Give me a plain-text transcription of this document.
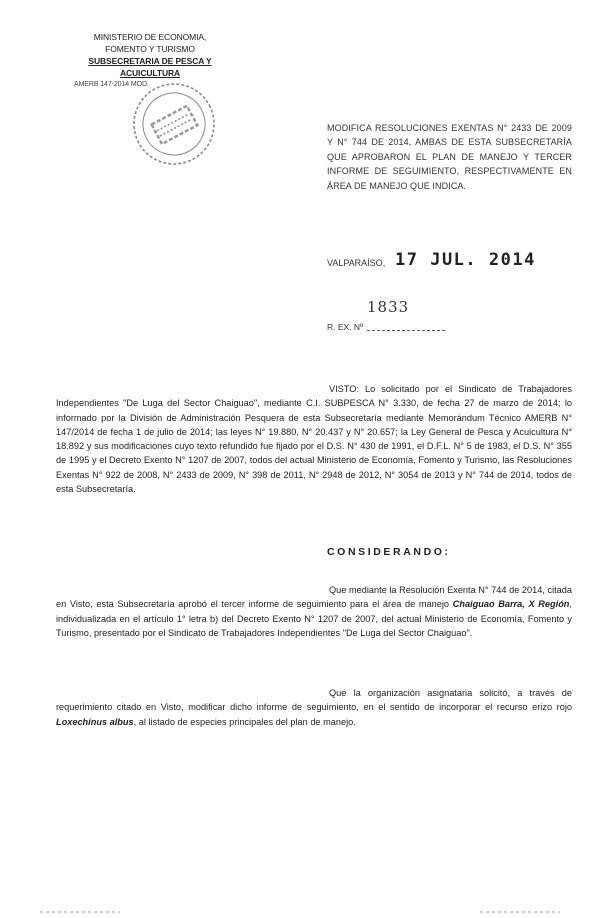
MINISTERIO DE ECONOMIA,
FOMENTO Y TURISMO
SUBSECRETARIA DE PESCA Y ACUICULTURA
AMERB 147-2014 MOD.
MODIFICA RESOLUCIONES EXENTAS N° 2433 DE 2009 Y N° 744 DE 2014, AMBAS DE ESTA SUBSECRETARÍA QUE APROBARON EL PLAN DE MANEJO Y TERCER INFORME DE SEGUIMIENTO, RESPECTIVAMENTE EN ÁREA DE MANEJO QUE INDICA.
VALPARAÍSO, 17 JUL. 2014
1833
R. EX. Nº
VISTO: Lo solicitado por el Sindicato de Trabajadores Independientes "De Luga del Sector Chaiguao", mediante C.I. SUBPESCA N° 3.330, de fecha 27 de marzo de 2014; lo informado por la División de Administración Pesquera de esta Subsecretaría mediante Memorándum Técnico AMERB N° 147/2014 de fecha 1 de julio de 2014; las leyes N° 19.880, N° 20.437 y N° 20.657; la Ley General de Pesca y Acuicultura N° 18.892 y sus modificaciones cuyo texto refundido fue fijado por el D.S. N° 430 de 1991, el D.F.L. N° 5 de 1983, el D.S. N° 355 de 1995 y el Decreto Exento N° 1207 de 2007, todos del actual Ministerio de Economía, Fomento y Turismo, las Resoluciones Exentas N° 922 de 2008, N° 2433 de 2009, N° 398 de 2011, N° 2948 de 2012, N° 3054 de 2013 y N° 744 de 2014, todos de esta Subsecretaría.
CONSIDERANDO:
Que mediante la Resolución Exenta N° 744 de 2014, citada en Visto, esta Subsecretaría aprobó el tercer informe de seguimiento para el área de manejo Chaiguao Barra, X Región, individualizada en el artículo 1° letra b) del Decreto Exento N° 1207 de 2007, del actual Ministerio de Economía, Fomento y Turismo, presentado por el Sindicato de Trabajadores Independientes "De Luga del Sector Chaiguao".
Que la organización asignataria solicitó, a través de requerimiento citado en Visto, modificar dicho informe de seguimiento, en el sentido de incorporar el recurso erizo rojo Loxechinus albus, al listado de especies principales del plan de manejo.
